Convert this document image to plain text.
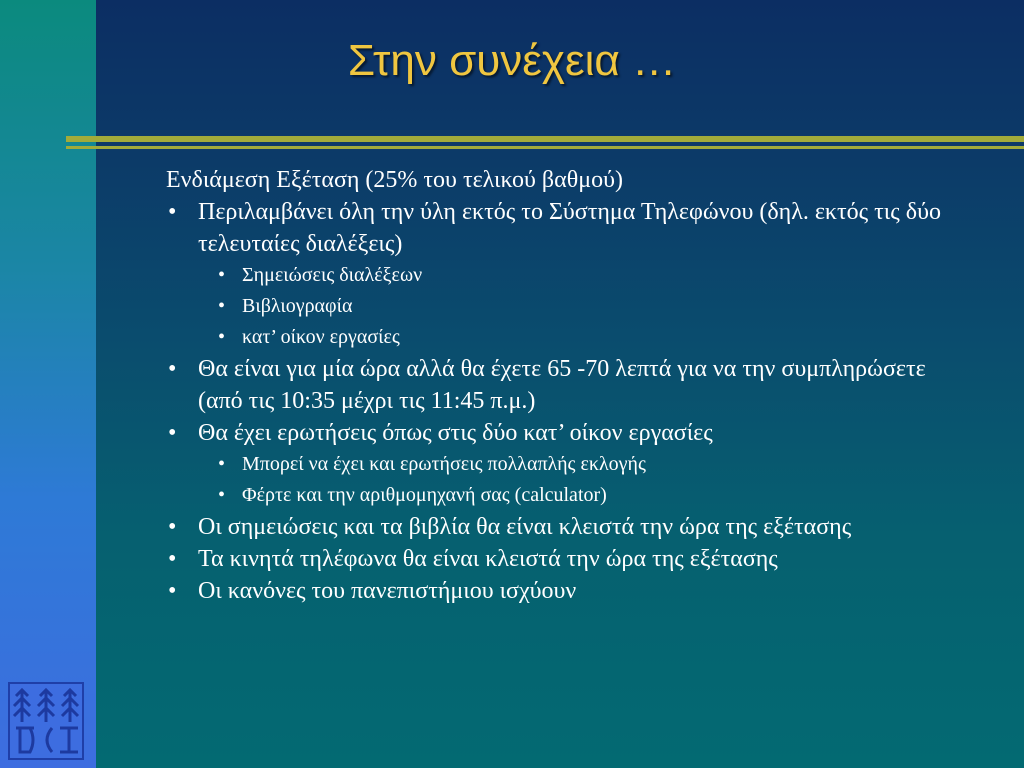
Στην συνέχεια …
Ενδιάμεση Εξέταση (25% του τελικού βαθμού)
• Περιλαμβάνει όλη την ύλη εκτός το Σύστημα Τηλεφώνου (δηλ. εκτός τις δύο τελευταίες διαλέξεις)
• Σημειώσεις διαλέξεων
• Βιβλιογραφία
• κατ’ οίκον εργασίες
• Θα είναι για μία ώρα αλλά θα έχετε 65 -70 λεπτά για να την συμπληρώσετε (από τις 10:35 μέχρι τις 11:45 π.μ.)
• Θα έχει ερωτήσεις όπως στις δύο κατ’ οίκον εργασίες
• Μπορεί να έχει και ερωτήσεις πολλαπλής εκλογής
• Φέρτε και την αριθμομηχανή σας (calculator)
• Οι σημειώσεις και τα βιβλία θα είναι κλειστά την ώρα της εξέτασης
• Τα κινητά τηλέφωνα θα είναι κλειστά την ώρα της εξέτασης
• Οι κανόνες του πανεπιστήμιου ισχύουν
